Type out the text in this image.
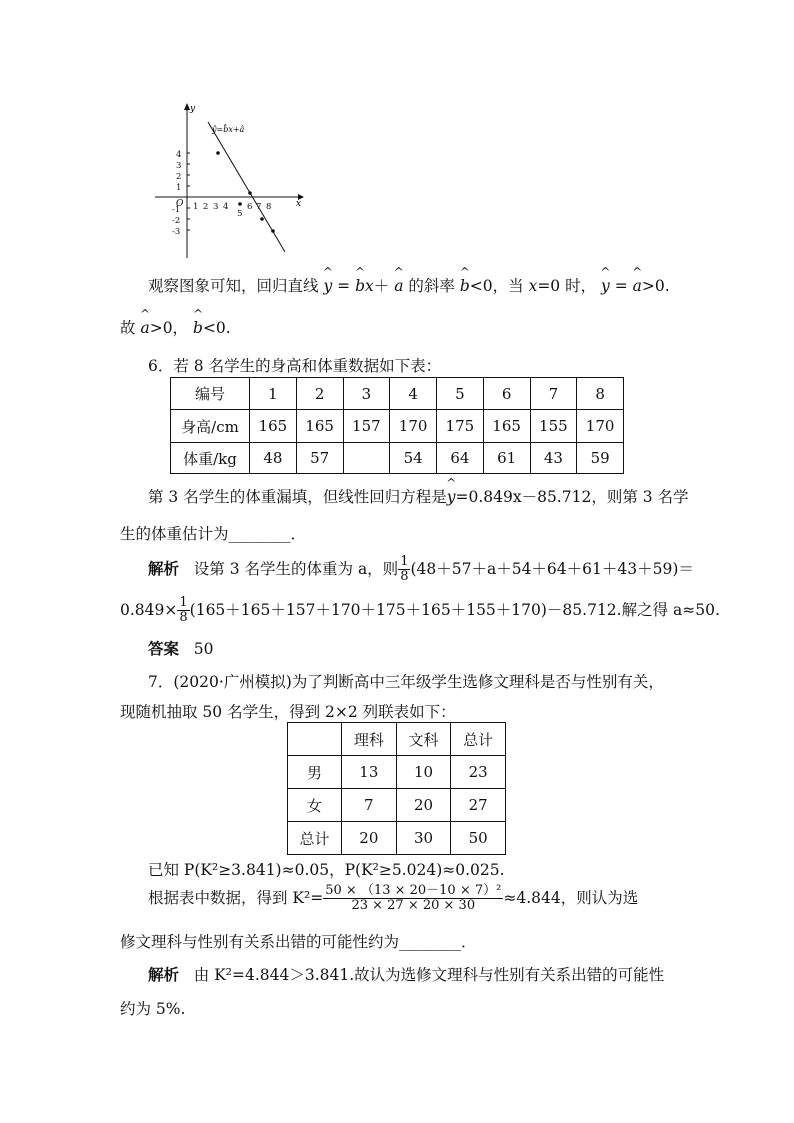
ŷ=b̂x+â
y
x
O 1 2 3 4
5
6 7 8
4
3
2
1
-1
-2
-3
观察图象可知，回归直线 ^ y = ^ bx＋ ^ a 的斜率 ^ b<0，当 x=0 时， ^ y = ^ a>0.
故 ^ a>0， ^ b<0.
6．若 8 名学生的身高和体重数据如下表：
编号	1	2	3	4	5	6	7	8
身高/cm	165	165	157	170	175	165	155	170
体重/kg	48	57		54	64	61	43	59
第 3 名学生的体重漏填，但线性回归方程是^ y=0.849x－85.712，则第 3 名学
生的体重估计为________．
解析 设第 3 名学生的体重为 a，则 $\frac{1}{8} (48+57+a+54+64+61+43+59)=$
$0.849\times \frac{1}{8} (165+165+157+170+175+165+155+170)-85.712$.解之得 a≈50.
答案 50
7．(2020·广州模拟)为了判断高中三年级学生选修文理科是否与性别有关，
现随机抽取 50 名学生，得到 2×2 列联表如下：
	理科	文科	总计
男	13	10	23
女	7	20	27
总计	20	30	50
已知 P(K²≥3.841)≈0.05，P(K²≥5.024)≈0.025.
根据表中数据，得到 $K^2= \frac{\text{50 × （13 × 20－10 × 7）²}}{23 \times 27 \times 20 \times 30} \approx 4.844$，则认为选
修文理科与性别有关系出错的可能性约为________．
解析 由 K²=4.844＞3.841.故认为选修文理科与性别有关系出错的可能性
约为 5%.
